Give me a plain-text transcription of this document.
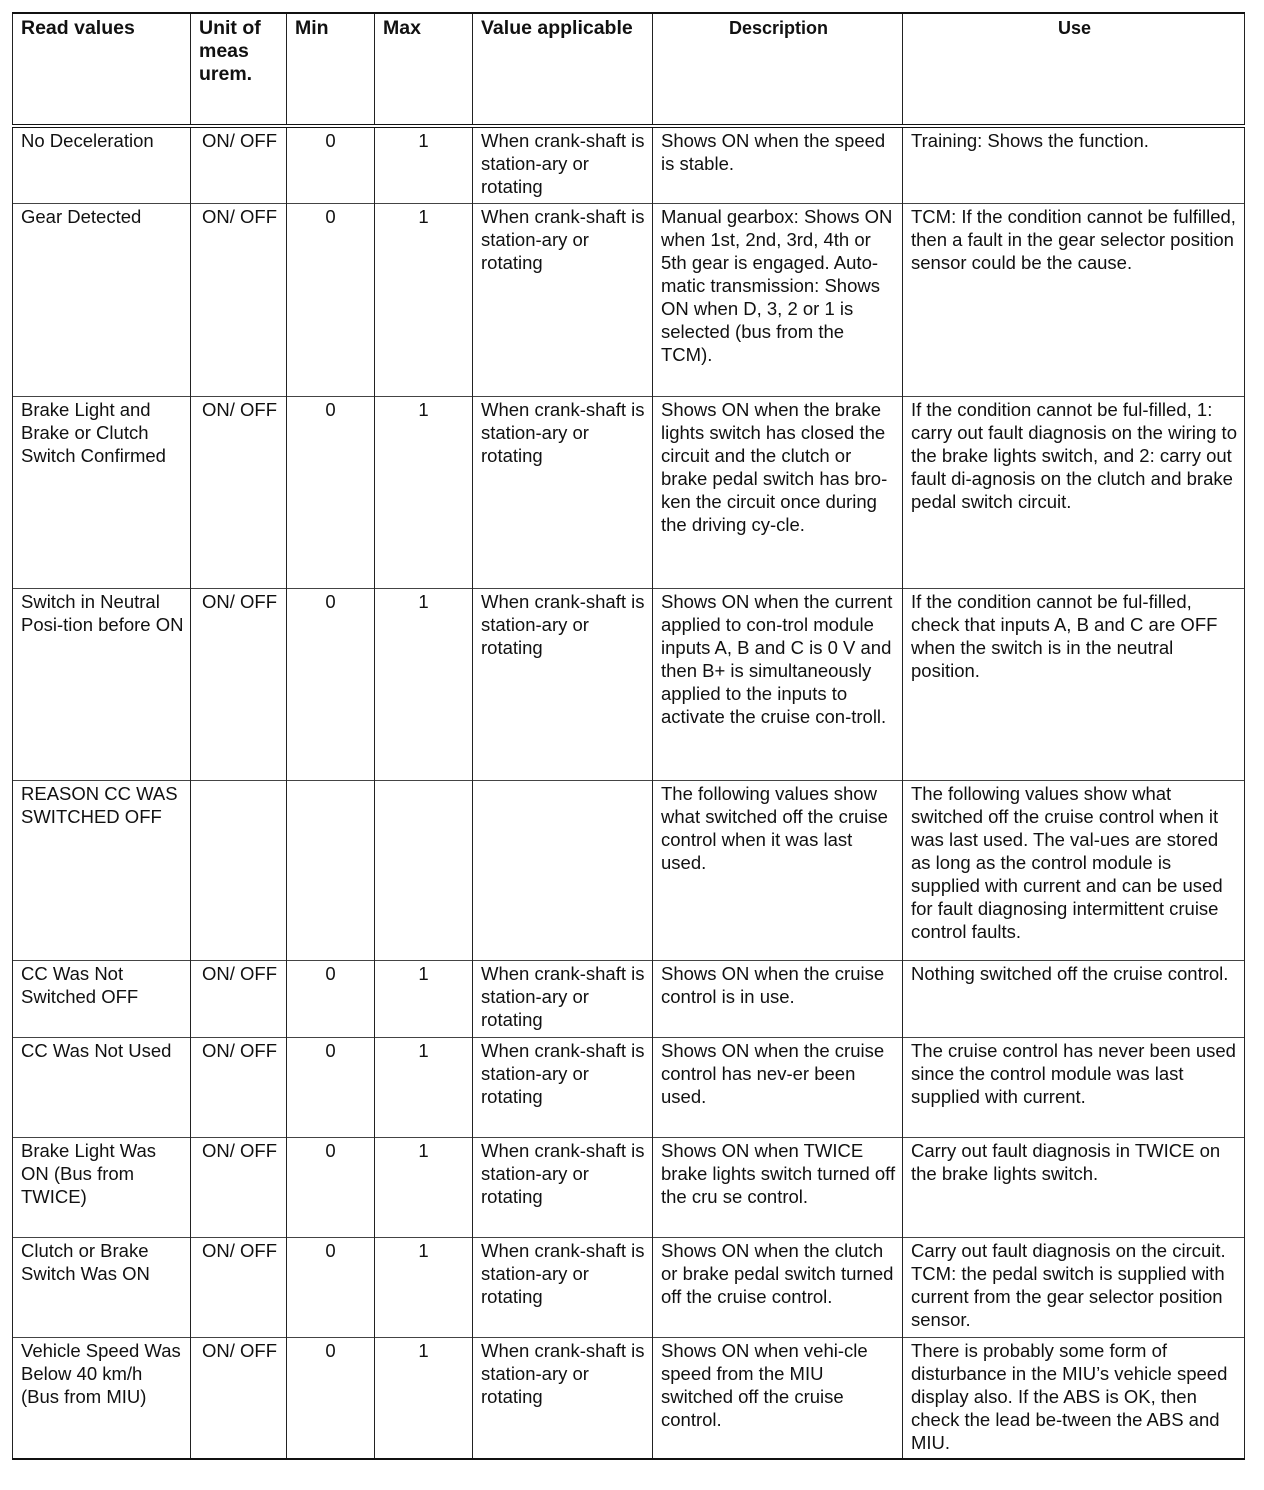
Read values	Unit of meas urem.	Min	Max	Value applicable	Description	Use
No Deceleration	ON/ OFF	0	1	When crank-shaft is station-ary or rotating	Shows ON when the speed is stable.	Training: Shows the function.
Gear Detected	ON/ OFF	0	1	When crank-shaft is station-ary or rotating	Manual gearbox: Shows ON when 1st, 2nd, 3rd, 4th or 5th gear is engaged. Auto-matic transmission: Shows ON when D, 3, 2 or 1 is selected (bus from the TCM).	TCM: If the condition cannot be fulfilled, then a fault in the gear selector position sensor could be the cause.
Brake Light and Brake or Clutch Switch Confirmed	ON/ OFF	0	1	When crank-shaft is station-ary or rotating	Shows ON when the brake lights switch has closed the circuit and the clutch or brake pedal switch has bro-ken the circuit once during the driving cy-cle.	If the condition cannot be ful-filled, 1: carry out fault diagnosis on the wiring to the brake lights switch, and 2: carry out fault di-agnosis on the clutch and brake pedal switch circuit.
Switch in Neutral Posi-tion before ON	ON/ OFF	0	1	When crank-shaft is station-ary or rotating	Shows ON when the current applied to con-trol module inputs A, B and C is 0 V and then B+ is simultaneously applied to the inputs to activate the cruise con-troll.	If the condition cannot be ful-filled, check that inputs A, B and C are OFF when the switch is in the neutral position.
REASON CC WAS SWITCHED OFF					The following values show what switched off the cruise control when it was last used.	The following values show what switched off the cruise control when it was last used. The val-ues are stored as long as the control module is supplied with current and can be used for fault diagnosing intermittent cruise control faults.
CC Was Not Switched OFF	ON/ OFF	0	1	When crank-shaft is station-ary or rotating	Shows ON when the cruise control is in use.	Nothing switched off the cruise control.
CC Was Not Used	ON/ OFF	0	1	When crank-shaft is station-ary or rotating	Shows ON when the cruise control has nev-er been used.	The cruise control has never been used since the control module was last supplied with current.
Brake Light Was ON (Bus from TWICE)	ON/ OFF	0	1	When crank-shaft is station-ary or rotating	Shows ON when TWICE brake lights switch turned off the cru se control.	Carry out fault diagnosis in TWICE on the brake lights switch.
Clutch or Brake Switch Was ON	ON/ OFF	0	1	When crank-shaft is station-ary or rotating	Shows ON when the clutch or brake pedal switch turned off the cruise control.	Carry out fault diagnosis on the circuit. TCM: the pedal switch is supplied with current from the gear selector position sensor.
Vehicle Speed Was Below 40 km/h (Bus from MIU)	ON/ OFF	0	1	When crank-shaft is station-ary or rotating	Shows ON when vehi-cle speed from the MIU switched off the cruise control.	There is probably some form of disturbance in the MIU’s vehicle speed display also. If the ABS is OK, then check the lead be-tween the ABS and MIU.
